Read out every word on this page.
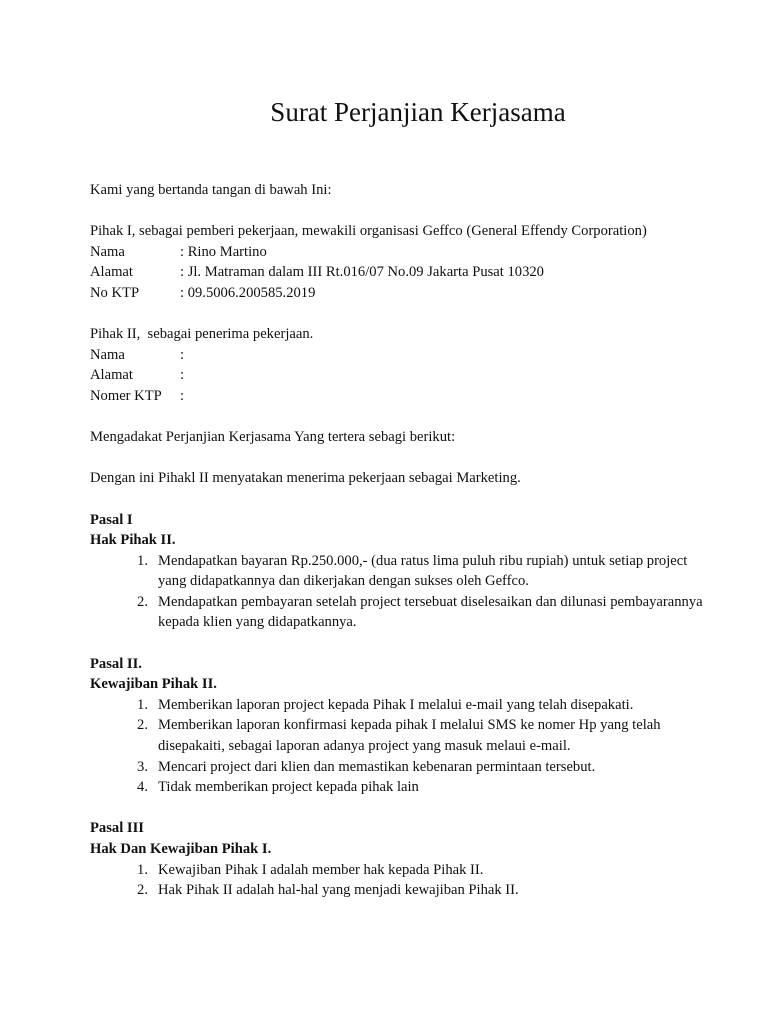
Surat Perjanjian Kerjasama

Kami yang bertanda tangan di bawah Ini:

Pihak I, sebagai pemberi pekerjaan, mewakili organisasi Geffco (General Effendy Corporation)

Nama	: Rino Martino
Alamat	: Jl. Matraman dalam III Rt.016/07 No.09 Jakarta Pusat 10320
No KTP	: 09.5006.200585.2019

Pihak II,  sebagai penerima pekerjaan.

Nama	:
Alamat	:
Nomer KTP	:

Mengadakat Perjanjian Kerjasama Yang tertera sebagi berikut:

Dengan ini Pihakl II menyatakan menerima pekerjaan sebagai Marketing.

Pasal I

Hak Pihak II.

1. Mendapatkan bayaran Rp.250.000,- (dua ratus lima puluh ribu rupiah) untuk setiap project yang didapatkannya dan dikerjakan dengan sukses oleh Geffco.
2. Mendapatkan pembayaran setelah project tersebuat diselesaikan dan dilunasi pembayarannya kepada klien yang didapatkannya.

Pasal II.

Kewajiban Pihak II.

1. Memberikan laporan project kepada Pihak I melalui e-mail yang telah disepakati.
2. Memberikan laporan konfirmasi kepada pihak I melalui SMS ke nomer Hp yang telah disepakaiti, sebagai laporan adanya project yang masuk melaui e-mail.
3. Mencari project dari klien dan memastikan kebenaran permintaan tersebut.
4. Tidak memberikan project kepada pihak lain

Pasal III

Hak Dan Kewajiban Pihak I.

1. Kewajiban Pihak I adalah member hak kepada Pihak II.
2. Hak Pihak II adalah hal-hal yang menjadi kewajiban Pihak II.
